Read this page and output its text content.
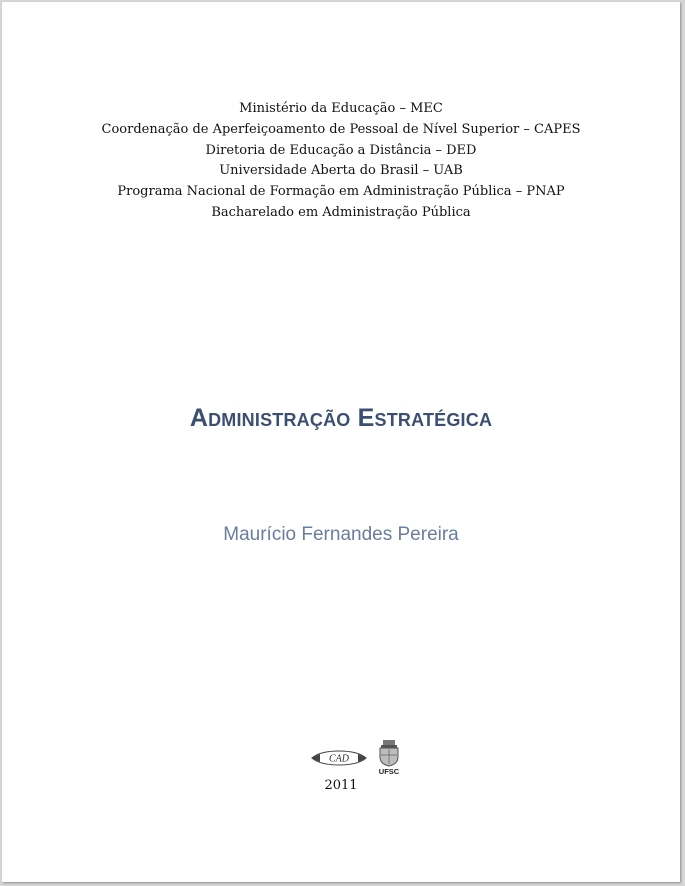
Ministério da Educação – MEC
Coordenação de Aperfeiçoamento de Pessoal de Nível Superior – CAPES
Diretoria de Educação a Distância – DED
Universidade Aberta do Brasil – UAB
Programa Nacional de Formação em Administração Pública – PNAP
Bacharelado em Administração Pública
Administração Estratégica
Maurício Fernandes Pereira
CAD
UFSC
2011
